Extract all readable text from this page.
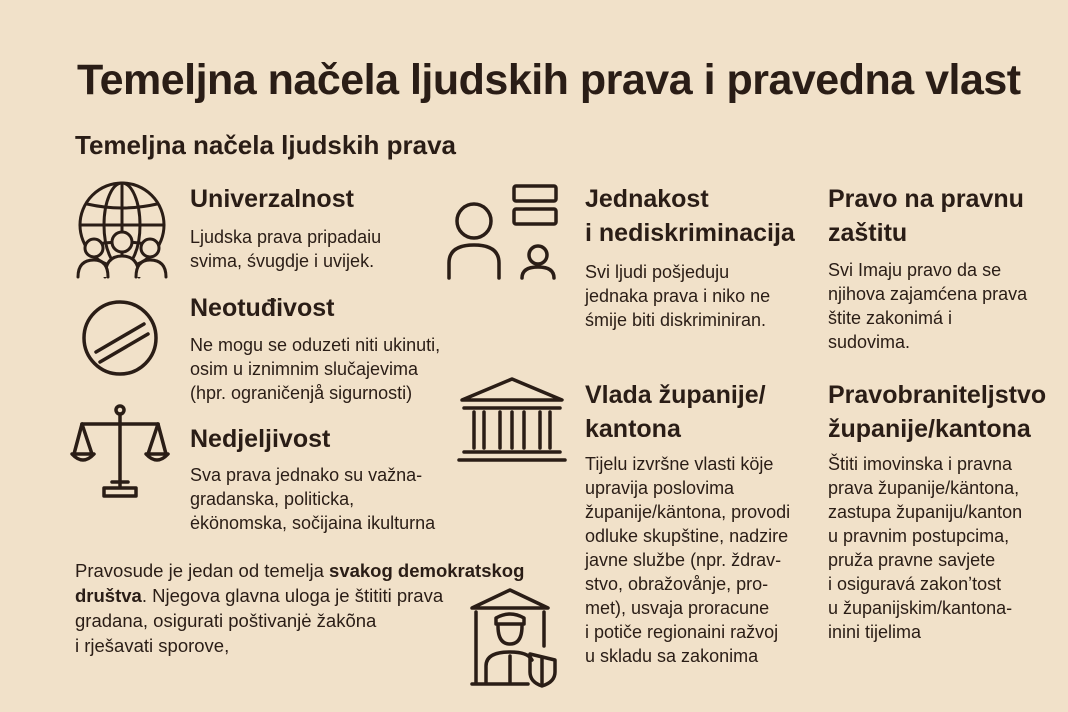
Temeljna načela ljudskih prava i pravedna vlast
Temeljna načela ljudskih prava
Univerzalnost
Ljudska prava pripadaiu
svima, śvugdje i uvijek.
Neotuđivost
Ne mogu se oduzeti niti ukinuti,
osim u iznimnim slučajevima
(hpr. ograničenjå sigurnosti)
Nedjeljivost
Sva prava jednako su važna-
gradanska, politicka,
ėkönomska, sočijaina ikulturna
Jednakost
i nediskriminacija
Svi ljudi pošjeduju
jednaka prava i niko ne
śmije biti diskriminiran.
Pravo na pravnu
zaštitu
Svi Imaju pravo da se
njihova zajamćena prava
štite zakonimá i
sudovima.
Vlada županije/
kantona
Tijelu izvršne vlasti köje
upravija poslovima
županije/käntona, provodi
odluke skupštine, nadzire
javne službe (npr. ždrav-
stvo, obražovånje, pro-
met), usvaja proracune
i potiče regionaini ražvoj
u skladu sa zakonima
Pravobraniteljstvo
županije/kantona
Štiti imovinska i pravna
prava županije/käntona,
zastupa županiju/kanton
u pravnim postupcima,
pruža pravne savjete
i osiguravá zakonʼtost
u županijskim/kantona-
inini tijelima
Pravosude je jedan od temelja svakog demokratskog
društva. Njegova glavna uloga je štititi prava
gradana, osigurati poštivanjė žakõna
i rješavati sporove,
